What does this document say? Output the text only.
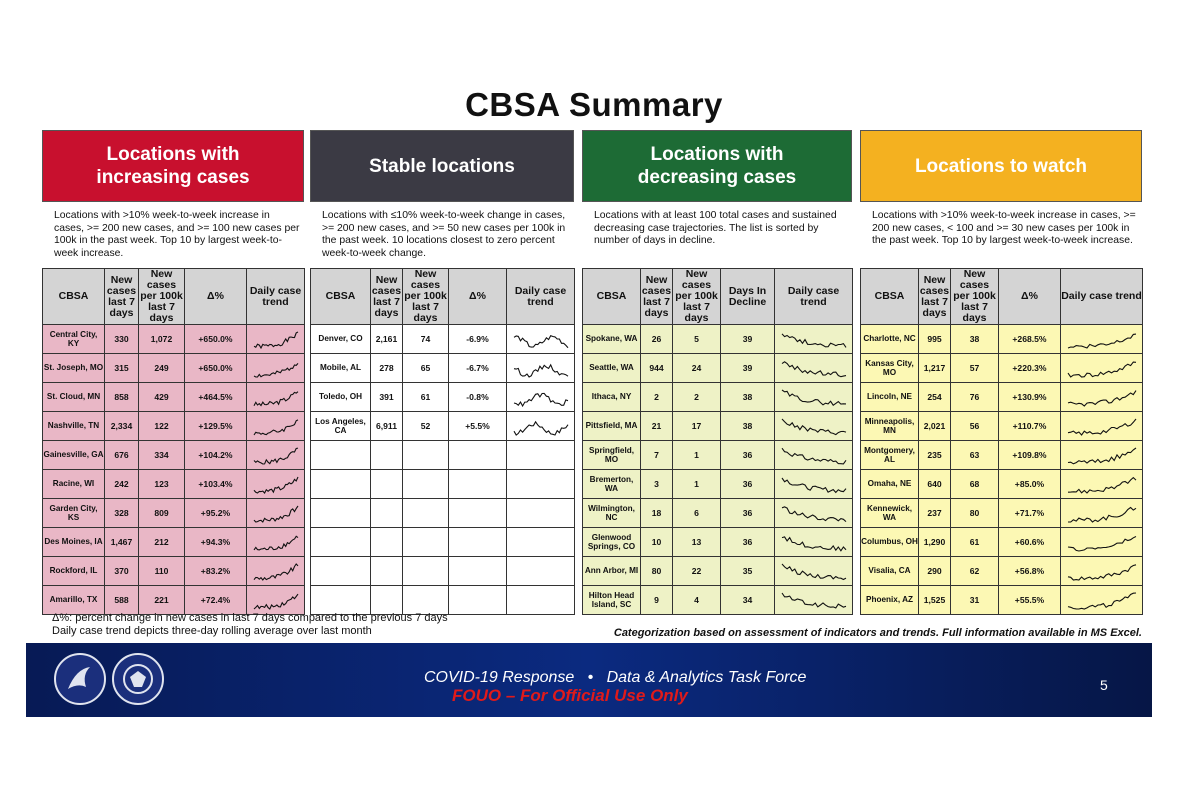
CBSA Summary
Locations with increasing cases
Locations with >10% week-to-week increase in cases, >= 200 new cases, and >= 100 new cases per 100k in the past week. Top 10 by largest week-to-week increase.
CBSA	New cases last 7 days	New cases per 100k last 7 days	Δ%	Daily case trend
Central City, KY	330	1,072	+650.0%	

St. Joseph, MO	315	249	+650.0%	

St. Cloud, MN	858	429	+464.5%	

Nashville, TN	2,334	122	+129.5%	

Gainesville, GA	676	334	+104.2%	

Racine, WI	242	123	+103.4%	

Garden City, KS	328	809	+95.2%	

Des Moines, IA	1,467	212	+94.3%	

Rockford, IL	370	110	+83.2%	

Amarillo, TX	588	221	+72.4%	
Stable locations
Locations with ≤10% week-to-week change in cases, >= 200 new cases, and >= 50 new cases per 100k in the past week. 10 locations closest to zero percent week-to-week change.
CBSA	New cases last 7 days	New cases per 100k last 7 days	Δ%	Daily case trend
Denver, CO	2,161	74	-6.9%	

Mobile, AL	278	65	-6.7%	

Toledo, OH	391	61	-0.8%	

Los Angeles, CA	6,911	52	+5.5%	

Locations with decreasing cases
Locations with at least 100 total cases and sustained decreasing case trajectories. The list is sorted by number of days in decline.
CBSA	New cases last 7 days	New cases per 100k last 7 days	Days In Decline	Daily case trend
Spokane, WA	26	5	39	

Seattle, WA	944	24	39	

Ithaca, NY	2	2	38	

Pittsfield, MA	21	17	38	

Springfield, MO	7	1	36	

Bremerton, WA	3	1	36	

Wilmington, NC	18	6	36	

Glenwood Springs, CO	10	13	36	

Ann Arbor, MI	80	22	35	

Hilton Head Island, SC	9	4	34	
Locations to watch
Locations with >10% week-to-week increase in cases, >= 200 new cases, < 100 and >= 30 new cases per 100k in the past week. Top 10 by largest week-to-week increase.
CBSA	New cases last 7 days	New cases per 100k last 7 days	Δ%	Daily case trend
Charlotte, NC	995	38	+268.5%	

Kansas City, MO	1,217	57	+220.3%	

Lincoln, NE	254	76	+130.9%	

Minneapolis, MN	2,021	56	+110.7%	

Montgomery, AL	235	63	+109.8%	

Omaha, NE	640	68	+85.0%	

Kennewick, WA	237	80	+71.7%	

Columbus, OH	1,290	61	+60.6%	

Visalia, CA	290	62	+56.8%	

Phoenix, AZ	1,525	31	+55.5%	
Δ%: percent change in new cases in last 7 days compared to the previous 7 days
Daily case trend depicts three-day rolling average over last month	Categorization based on assessment of indicators and trends. Full information available in MS Excel.
COVID-19 Response • Data & Analytics Task Force
FOUO – For Official Use Only
5
